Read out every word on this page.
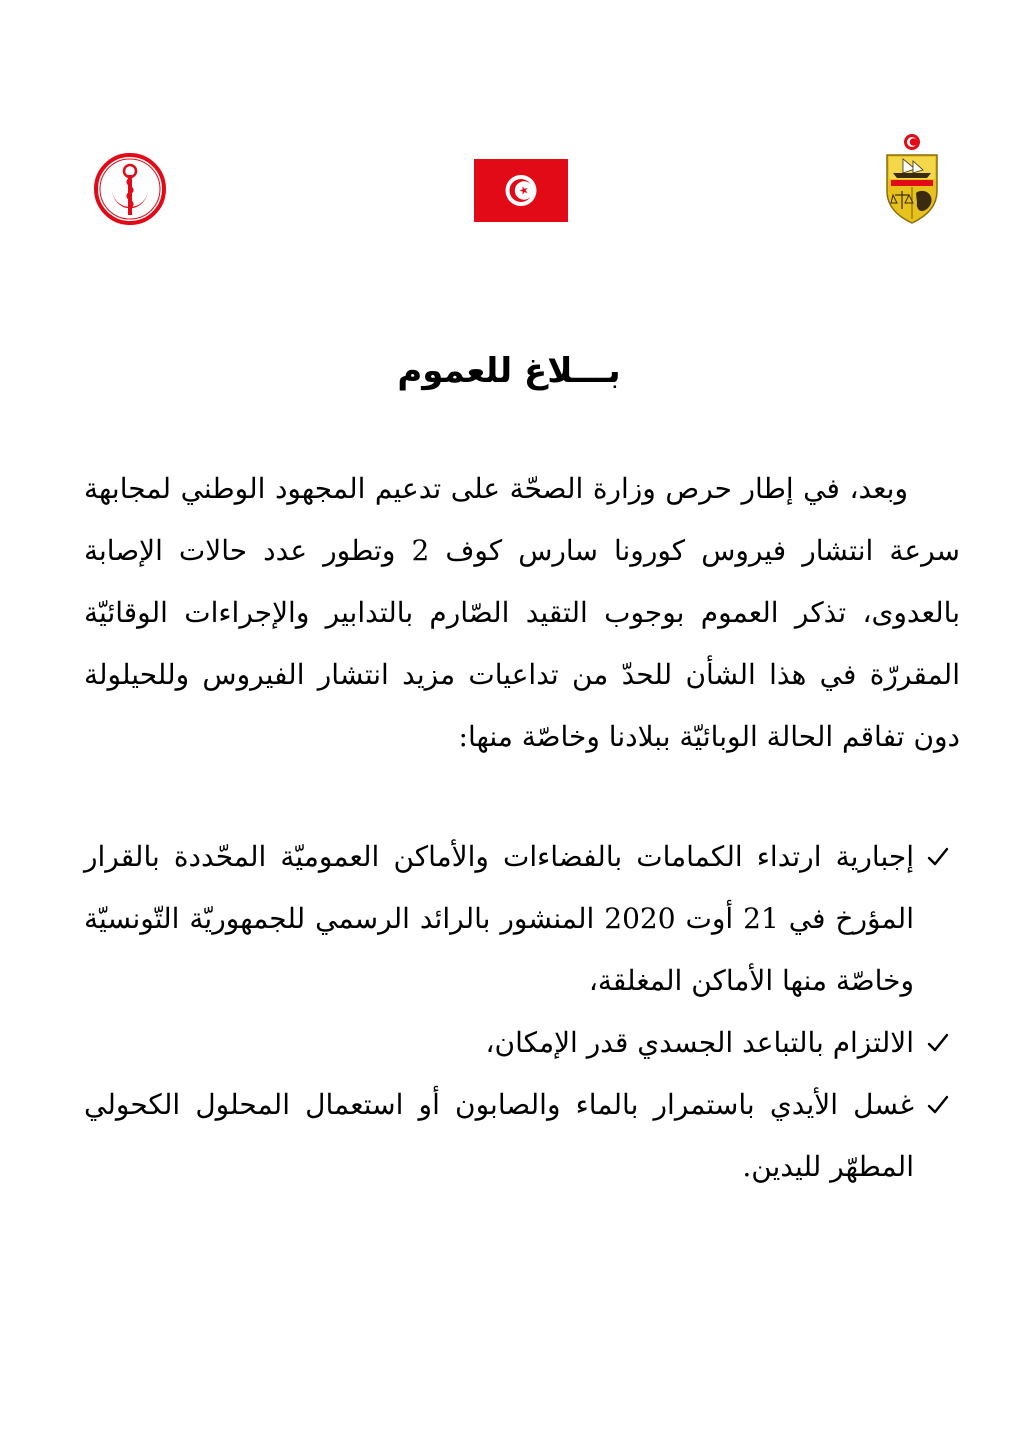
بـــلاغ للعموم

وبعد، في إطار حرص وزارة الصحّة على تدعيم المجهود الوطني لمجابهة سرعة انتشار فيروس كورونا سارس كوف 2 وتطور عدد حالات الإصابة بالعدوى، تذكر العموم بوجوب التقيد الصّارم بالتدابير والإجراءات الوقائيّة المقررّة في هذا الشأن للحدّ من تداعيات مزيد انتشار الفيروس وللحيلولة دون تفاقم الحالة الوبائيّة ببلادنا وخاصّة منها:

إجبارية ارتداء الكمامات بالفضاءات والأماكن العموميّة المحّددة بالقرار المؤرخ في 21 أوت 2020 المنشور بالرائد الرسمي للجمهوريّة التّونسيّة وخاصّة منها الأماكن المغلقة،
الالتزام بالتباعد الجسدي قدر الإمكان،
غسل الأيدي باستمرار بالماء والصابون أو استعمال المحلول الكحولي المطهّر لليدين.
